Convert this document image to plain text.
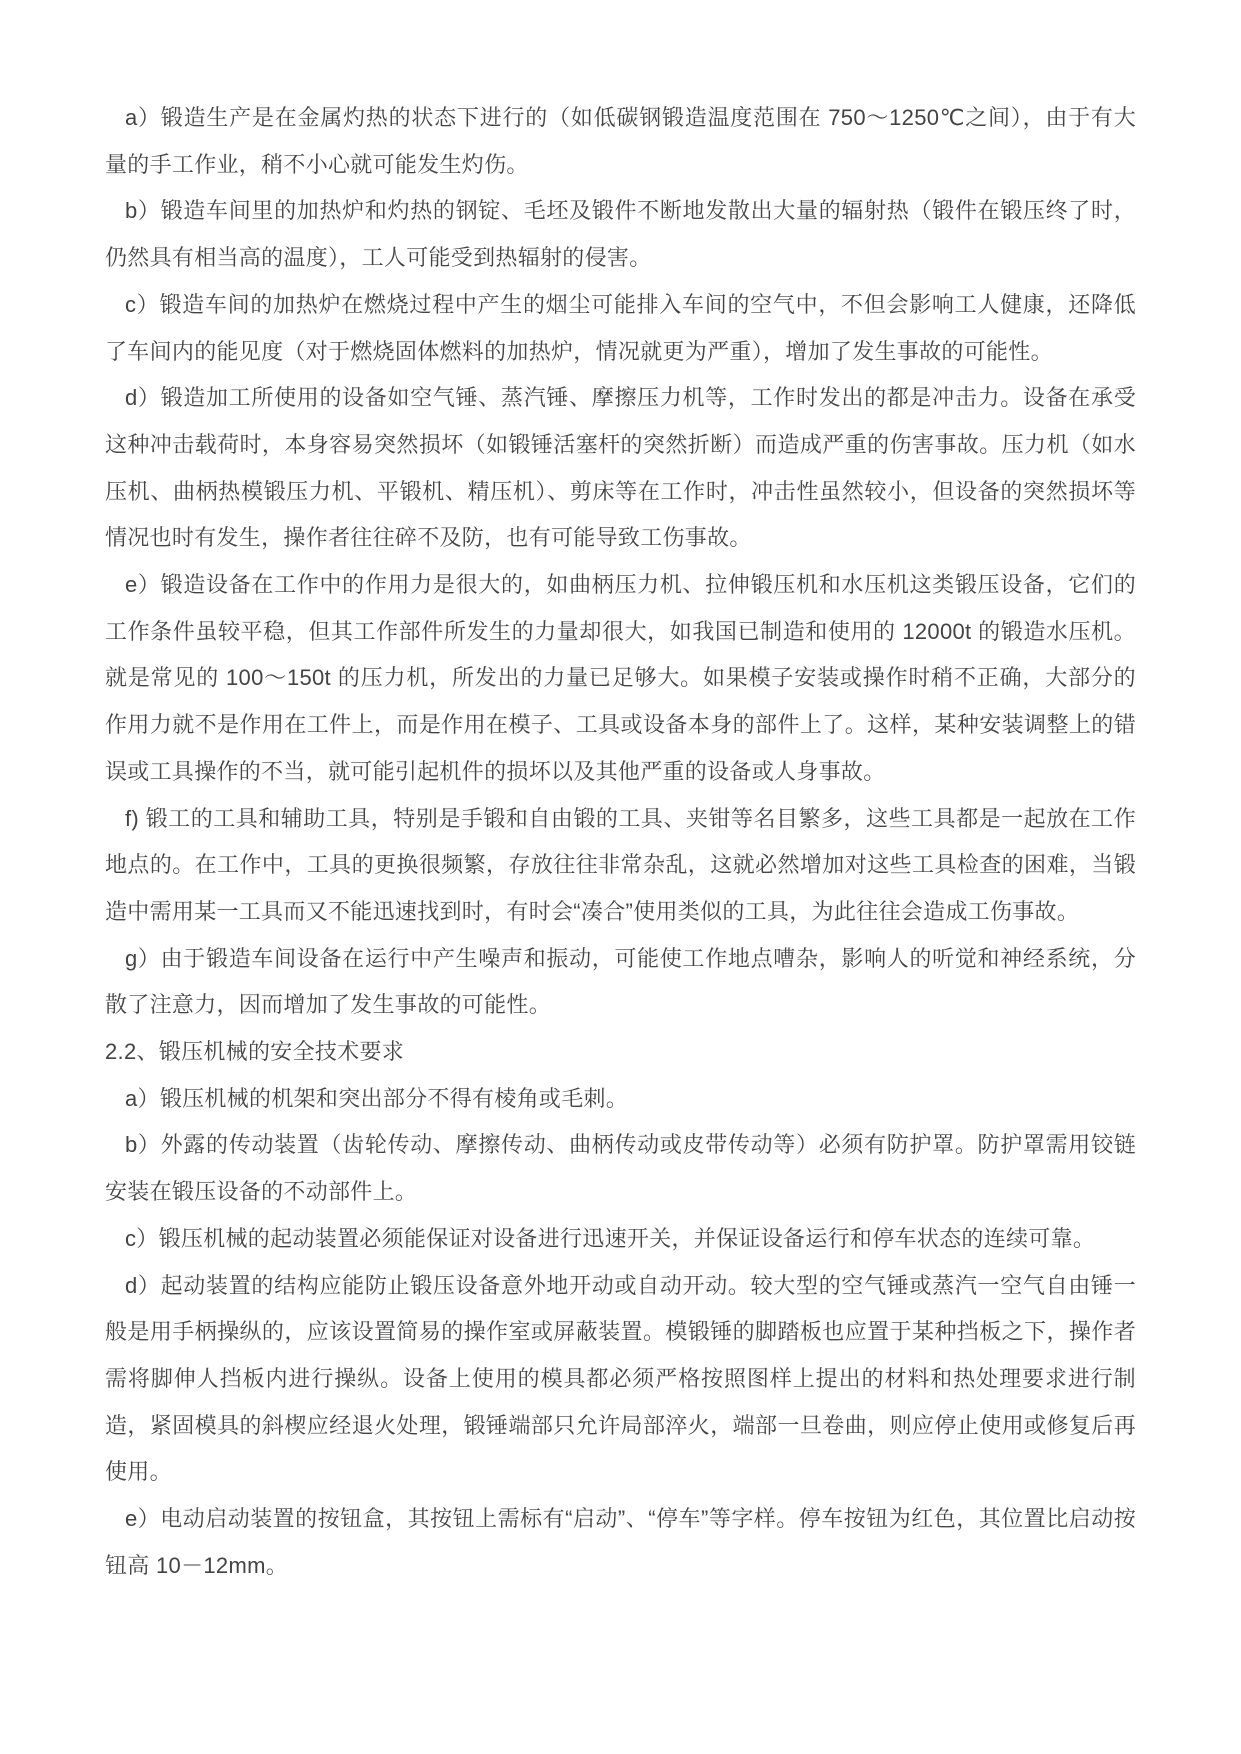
a）锻造生产是在金属灼热的状态下进行的（如低碳钢锻造温度范围在 750～1250℃之间），由于有大量的手工作业，稍不小心就可能发生灼伤。

b）锻造车间里的加热炉和灼热的钢锭、毛坯及锻件不断地发散出大量的辐射热（锻件在锻压终了时，仍然具有相当高的温度），工人可能受到热辐射的侵害。

c）锻造车间的加热炉在燃烧过程中产生的烟尘可能排入车间的空气中，不但会影响工人健康，还降低了车间内的能见度（对于燃烧固体燃料的加热炉，情况就更为严重），增加了发生事故的可能性。

d）锻造加工所使用的设备如空气锤、蒸汽锤、摩擦压力机等，工作时发出的都是冲击力。设备在承受这种冲击载荷时，本身容易突然损坏（如锻锤活塞杆的突然折断）而造成严重的伤害事故。压力机（如水压机、曲柄热模锻压力机、平锻机、精压机）、剪床等在工作时，冲击性虽然较小，但设备的突然损坏等情况也时有发生，操作者往往碎不及防，也有可能导致工伤事故。

e）锻造设备在工作中的作用力是很大的，如曲柄压力机、拉伸锻压机和水压机这类锻压设备，它们的工作条件虽较平稳，但其工作部件所发生的力量却很大，如我国已制造和使用的 12000t 的锻造水压机。就是常见的 100～150t 的压力机，所发出的力量已足够大。如果模子安装或操作时稍不正确，大部分的作用力就不是作用在工件上，而是作用在模子、工具或设备本身的部件上了。这样，某种安装调整上的错误或工具操作的不当，就可能引起机件的损坏以及其他严重的设备或人身事故。

f) 锻工的工具和辅助工具，特别是手锻和自由锻的工具、夹钳等名目繁多，这些工具都是一起放在工作地点的。在工作中，工具的更换很频繁，存放往往非常杂乱，这就必然增加对这些工具检查的困难，当锻造中需用某一工具而又不能迅速找到时，有时会“凑合”使用类似的工具，为此往往会造成工伤事故。

g）由于锻造车间设备在运行中产生噪声和振动，可能使工作地点嘈杂，影响人的听觉和神经系统，分散了注意力，因而增加了发生事故的可能性。

2.2、锻压机械的安全技术要求

a）锻压机械的机架和突出部分不得有棱角或毛刺。

b）外露的传动装置（齿轮传动、摩擦传动、曲柄传动或皮带传动等）必须有防护罩。防护罩需用铰链安装在锻压设备的不动部件上。

c）锻压机械的起动装置必须能保证对设备进行迅速开关，并保证设备运行和停车状态的连续可靠。

d）起动装置的结构应能防止锻压设备意外地开动或自动开动。较大型的空气锤或蒸汽一空气自由锤一般是用手柄操纵的，应该设置简易的操作室或屏蔽装置。模锻锤的脚踏板也应置于某种挡板之下，操作者需将脚伸人挡板内进行操纵。设备上使用的模具都必须严格按照图样上提出的材料和热处理要求进行制造，紧固模具的斜楔应经退火处理，锻锤端部只允许局部淬火，端部一旦卷曲，则应停止使用或修复后再使用。

e）电动启动装置的按钮盒，其按钮上需标有“启动”、“停车”等字样。停车按钮为红色，其位置比启动按钮高 10－12mm。
